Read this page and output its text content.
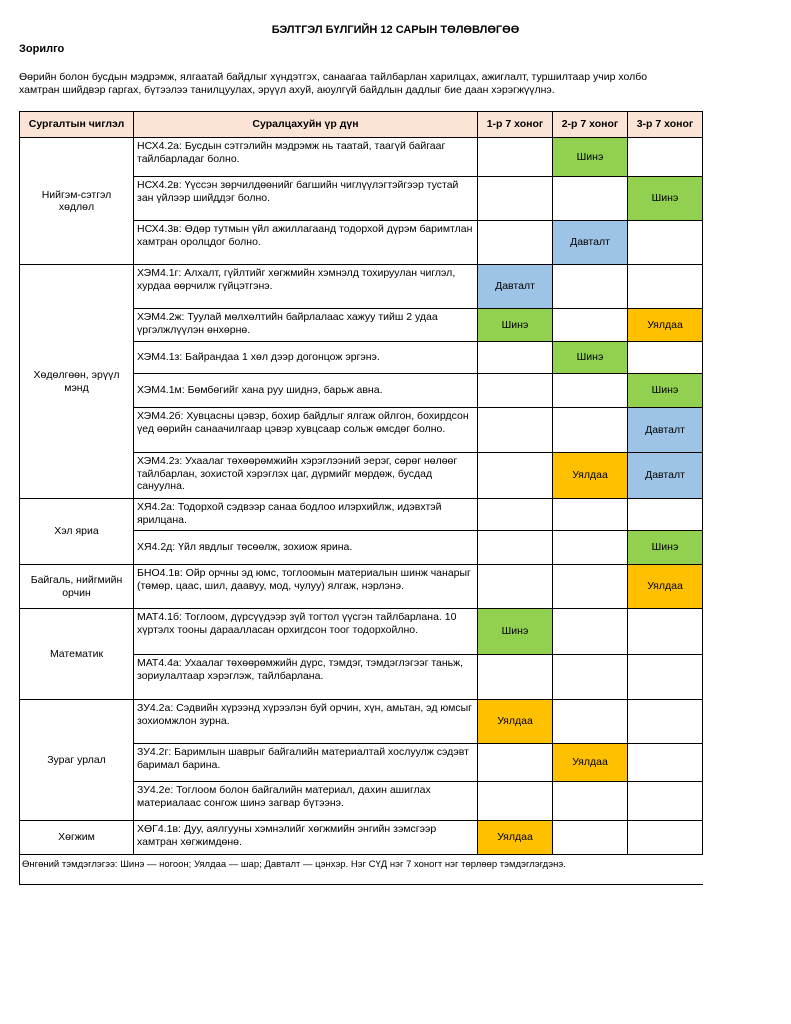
БЭЛТГЭЛ БҮЛГИЙН 12 САРЫН ТӨЛӨВЛӨГӨӨ
Зорилго
Өөрийн болон бусдын мэдрэмж, ялгаатай байдлыг хүндэтгэх, санаагаа тайлбарлан харилцах, ажиглалт, туршилтаар учир холбо
хамтран шийдвэр гаргах, бүтээлээ танилцуулах, эрүүл ахуй, аюулгүй байдлын дадлыг бие даан хэрэгжүүлнэ.
Сургалтын чиглэл	Суралцахуйн үр дүн	1-р 7 хоног	2-р 7 хоног	3-р 7 хоног
Нийгэм-сэтгэл хөдлөл	НСХ4.2а: Бусдын сэтгэлийн мэдрэмж нь таатай, таагүй байгааг тайлбарладаг болно.		Шинэ	
	НСХ4.2в: Үүссэн зөрчилдөөнийг багшийн чиглүүлэгтэйгээр тустай зан үйлээр шийддэг болно.			Шинэ
	НСХ4.3в: Өдөр тутмын үйл ажиллагаанд тодорхой дүрэм баримтлан хамтран оролцдог болно.		Давталт	
Хөдөлгөөн, эрүүл мэнд	ХЭМ4.1г: Алхалт, гүйлтийг хөгжмийн хэмнэлд тохируулан чиглэл, хурдаа өөрчилж гүйцэтгэнэ.	Давталт		
	ХЭМ4.2ж: Туулай мөлхөлтийн байрлалаас хажуу тийш 2 удаа үргэлжлүүлэн өнхөрнө.	Шинэ		Уялдаа
	ХЭМ4.1з: Байрандаа 1 хөл дээр догонцож эргэнэ.		Шинэ	
	ХЭМ4.1м: Бөмбөгийг хана руу шиднэ, барьж авна.			Шинэ
	ХЭМ4.2б: Хувцасны цэвэр, бохир байдлыг ялгаж ойлгон, бохирдсон үед өөрийн санаачилгаар цэвэр хувцсаар сольж өмсдөг болно.			Давталт
	ХЭМ4.2з: Ухаалаг төхөөрөмжийн хэрэглээний эерэг, сөрөг нөлөөг тайлбарлан, зохистой хэрэглэх цаг, дүрмийг мөрдөж, бусдад сануулна.		Уялдаа	Давталт
Хэл яриа	ХЯ4.2а: Тодорхой сэдвээр санаа бодлоо илэрхийлж, идэвхтэй ярилцана.			
	ХЯ4.2д: Үйл явдлыг төсөөлж, зохиож ярина.			Шинэ
Байгаль, нийгмийн орчин	БНО4.1в: Ойр орчны эд юмс, тоглоомын материалын шинж чанарыг (төмөр, цаас, шил, даавуу, мод, чулуу) ялгаж, нэрлэнэ.			Уялдаа
Математик	МАТ4.1б: Тоглоом, дүрсүүдээр зүй тогтол үүсгэн тайлбарлана. 10 хүртэлх тооны дараалласан орхигдсон тоог тодорхойлно.	Шинэ		
	МАТ4.4а: Ухаалаг төхөөрөмжийн дүрс, тэмдэг, тэмдэглэгээг таньж, зориулалтаар хэрэглэж, тайлбарлана.			
Зураг урлал	ЗУ4.2а: Сэдвийн хүрээнд хүрээлэн буй орчин, хүн, амьтан, эд юмсыг зохиомжлон зурна.	Уялдаа		
	ЗУ4.2г: Баримлын шаврыг байгалийн материалтай хослуулж сэдэвт баримал барина.		Уялдаа	
	ЗУ4.2е: Тоглоом болон байгалийн материал, дахин ашиглах материалаас сонгож шинэ загвар бүтээнэ.			
Хөгжим	ХӨГ4.1в: Дуу, аялгууны хэмнэлийг хөгжмийн энгийн зэмсгээр хамтран хөгжимдөнө.	Уялдаа		
Өнгөний тэмдэглэгээ: Шинэ — ногоон; Уялдаа — шар; Давталт — цэнхэр. Нэг СҮД нэг 7 хоногт нэг төрлөөр тэмдэглэгдэнэ.				
